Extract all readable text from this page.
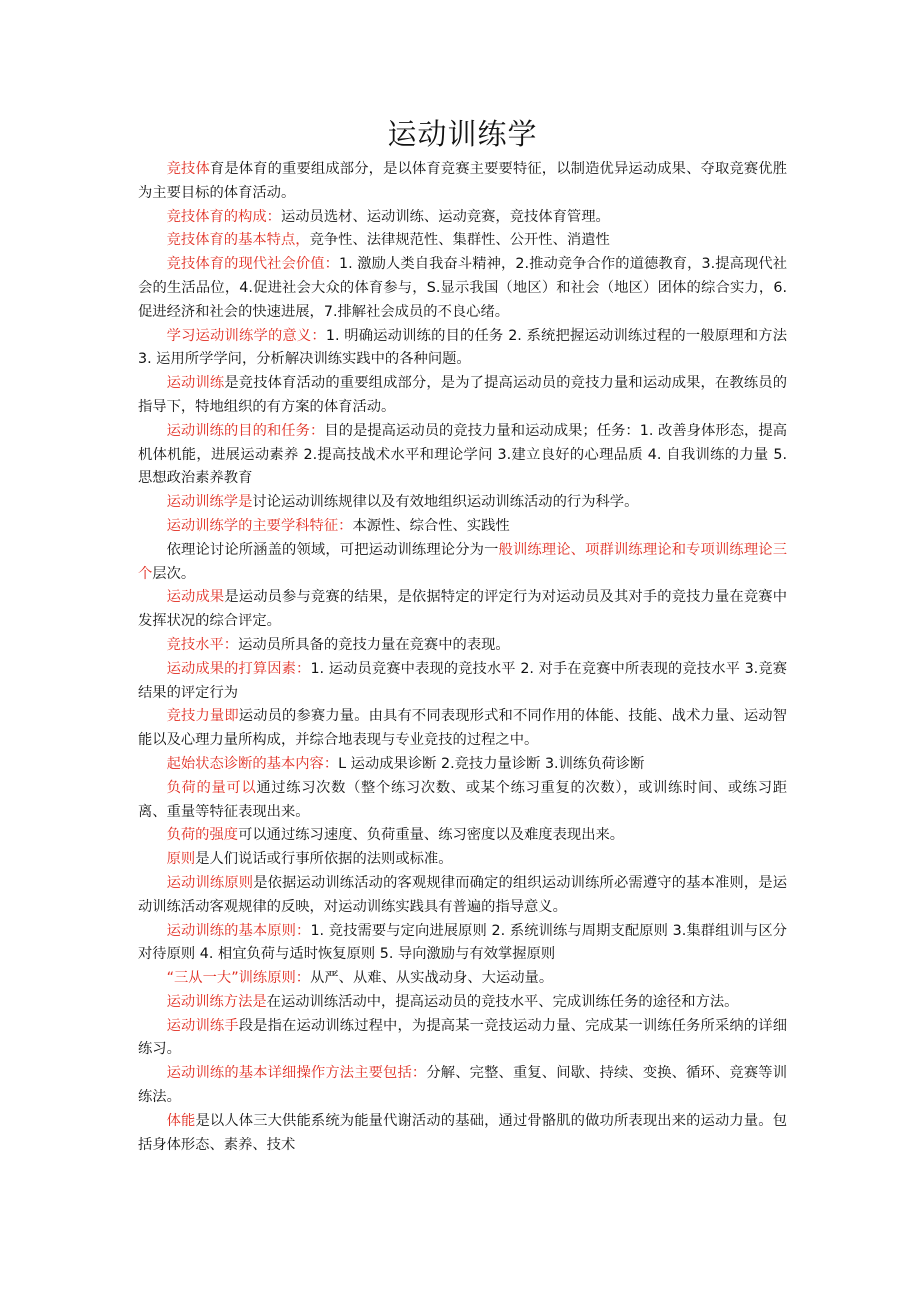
运动训练学

竞技体育是体育的重要组成部分，是以体育竞赛主要要特征，以制造优异运动成果、夺取竞赛优胜为主要目标的体育活动。

竞技体育的构成：运动员选材、运动训练、运动竞赛，竞技体育管理。

竞技体育的基本特点，竞争性、法律规范性、集群性、公开性、消遣性

竞技体育的现代社会价值：1. 激励人类自我奋斗精神，2.推动竞争合作的道德教育，3.提高现代社会的生活品位，4.促进社会大众的体育参与，S.显示我国（地区）和社会（地区）团体的综合实力，6. 促进经济和社会的快速进展，7.排解社会成员的不良心绪。

学习运动训练学的意义：1. 明确运动训练的目的任务 2. 系统把握运动训练过程的一般原理和方法 3. 运用所学学问，分析解决训练实践中的各种问题。

运动训练是竞技体育活动的重要组成部分，是为了提高运动员的竞技力量和运动成果，在教练员的指导下，特地组织的有方案的体育活动。

运动训练的目的和任务：目的是提高运动员的竞技力量和运动成果；任务：1. 改善身体形态，提高机体机能，进展运动素养 2.提高技战术水平和理论学问 3.建立良好的心理品质 4. 自我训练的力量 5. 思想政治素养教育

运动训练学是讨论运动训练规律以及有效地组织运动训练活动的行为科学。

运动训练学的主要学科特征：本源性、综合性、实践性

依理论讨论所涵盖的领域，可把运动训练理论分为一般训练理论、项群训练理论和专项训练理论三个层次。

运动成果是运动员参与竞赛的结果，是依据特定的评定行为对运动员及其对手的竞技力量在竞赛中发挥状况的综合评定。

竞技水平：运动员所具备的竞技力量在竞赛中的表现。

运动成果的打算因素：1. 运动员竞赛中表现的竞技水平 2. 对手在竞赛中所表现的竞技水平 3.竞赛结果的评定行为

竞技力量即运动员的参赛力量。由具有不同表现形式和不同作用的体能、技能、战术力量、运动智能以及心理力量所构成，并综合地表现与专业竞技的过程之中。

起始状态诊断的基本内容：L 运动成果诊断 2.竞技力量诊断 3.训练负荷诊断

负荷的量可以通过练习次数（整个练习次数、或某个练习重复的次数），或训练时间、或练习距离、重量等特征表现出来。

负荷的强度可以通过练习速度、负荷重量、练习密度以及难度表现出来。

原则是人们说话或行事所依据的法则或标准。

运动训练原则是依据运动训练活动的客观规律而确定的组织运动训练所必需遵守的基本准则，是运动训练活动客观规律的反映，对运动训练实践具有普遍的指导意义。

运动训练的基本原则：1. 竞技需要与定向进展原则 2. 系统训练与周期支配原则 3.集群组训与区分对待原则 4. 相宜负荷与适时恢复原则 5. 导向激励与有效掌握原则

“三从一大”训练原则：从严、从难、从实战动身、大运动量。

运动训练方法是在运动训练活动中，提高运动员的竞技水平、完成训练任务的途径和方法。

运动训练手段是指在运动训练过程中，为提高某一竞技运动力量、完成某一训练任务所采纳的详细练习。

运动训练的基本详细操作方法主要包括：分解、完整、重复、间歇、持续、变换、循环、竞赛等训练法。

体能是以人体三大供能系统为能量代谢活动的基础，通过骨骼肌的做功所表现出来的运动力量。包括身体形态、素养、技术
